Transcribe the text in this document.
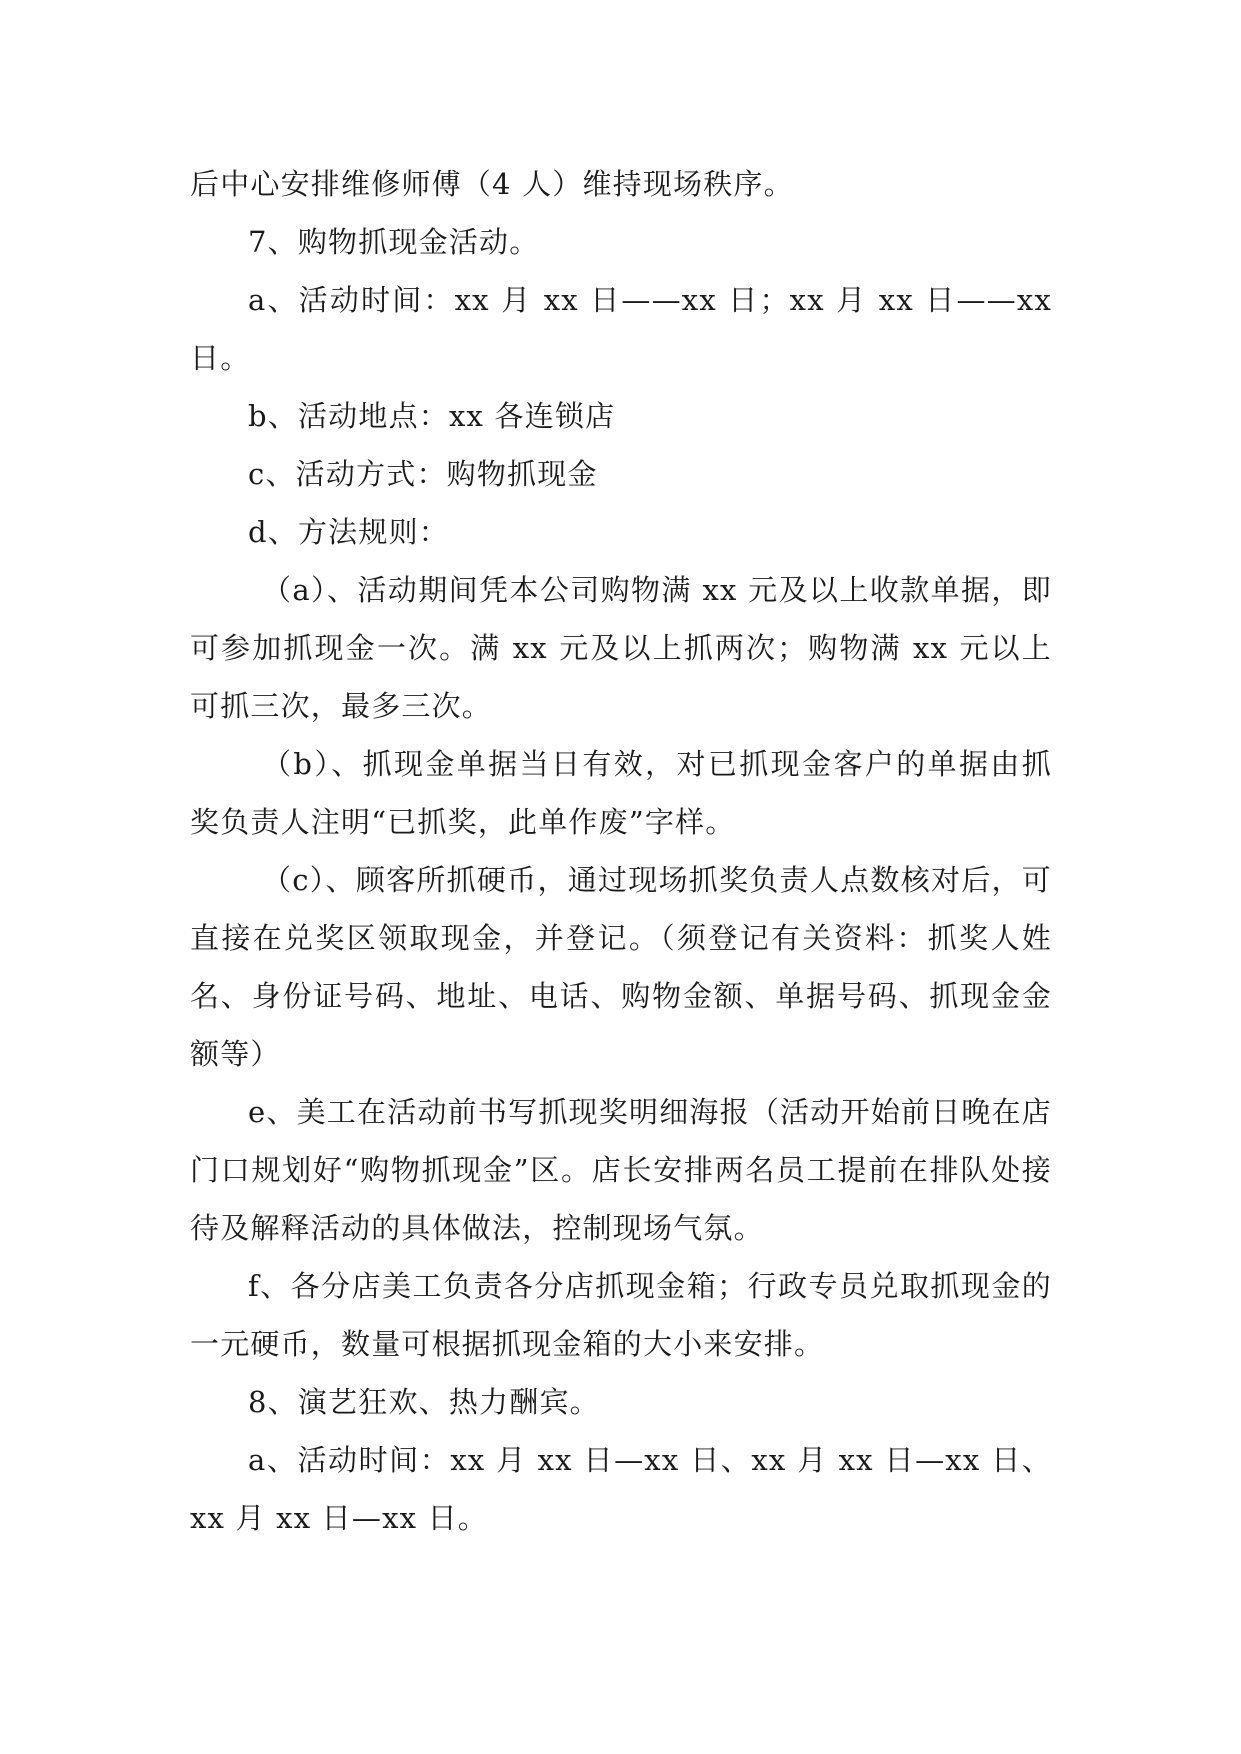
后中心安排维修师傅（4 人）维持现场秩序。

7、购物抓现金活动。

a、活动时间：xx 月 xx 日——xx 日；xx 月 xx 日——xx 日。

b、活动地点：xx 各连锁店

c、活动方式：购物抓现金

d、方法规则：

（a）、活动期间凭本公司购物满 xx 元及以上收款单据，即可参加抓现金一次。满 xx 元及以上抓两次；购物满 xx 元以上可抓三次，最多三次。

（b）、抓现金单据当日有效，对已抓现金客户的单据由抓奖负责人注明“已抓奖，此单作废”字样。

（c）、顾客所抓硬币，通过现场抓奖负责人点数核对后，可直接在兑奖区领取现金，并登记。（须登记有关资料：抓奖人姓名、身份证号码、地址、电话、购物金额、单据号码、抓现金金额等）

e、美工在活动前书写抓现奖明细海报（活动开始前日晚在店门口规划好“购物抓现金”区。店长安排两名员工提前在排队处接待及解释活动的具体做法，控制现场气氛。

f、各分店美工负责各分店抓现金箱；行政专员兑取抓现金的一元硬币，数量可根据抓现金箱的大小来安排。

8、演艺狂欢、热力酬宾。

a、活动时间：xx 月 xx 日—xx 日、xx 月 xx 日—xx 日、xx 月 xx 日—xx 日。
